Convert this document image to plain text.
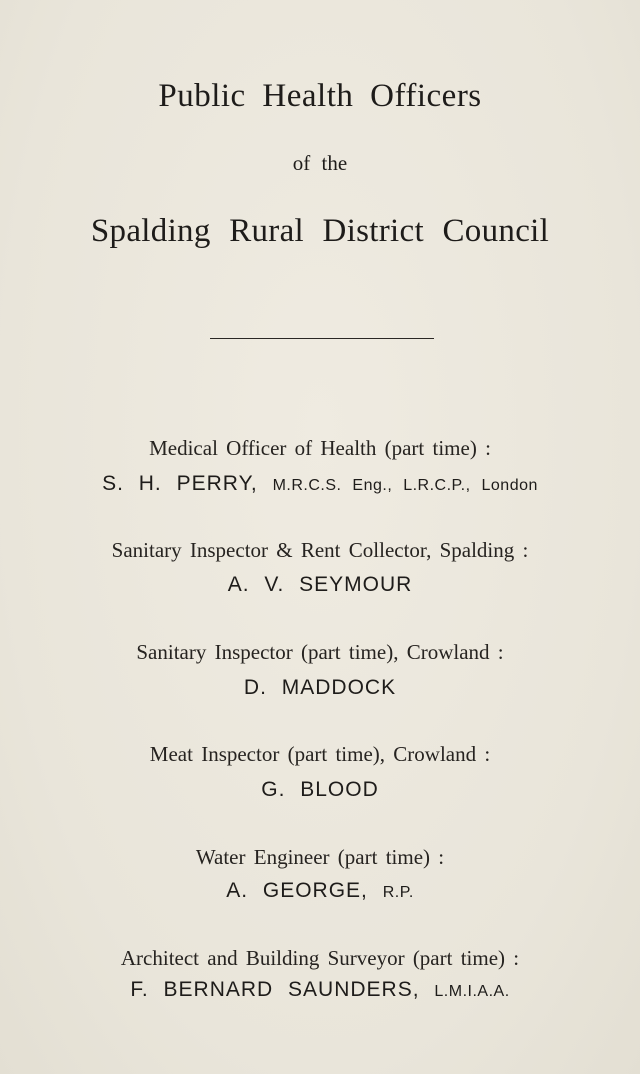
Public Health Officers
of the
Spalding Rural District Council
Medical Officer of Health (part time) :
S. H. PERRY, M.R.C.S. Eng., L.R.C.P., London
Sanitary Inspector & Rent Collector, Spalding :
A. V. SEYMOUR
Sanitary Inspector (part time), Crowland :
D. MADDOCK
Meat Inspector (part time), Crowland :
G. BLOOD
Water Engineer (part time) :
A. GEORGE, R.P.
Architect and Building Surveyor (part time) :
F. BERNARD SAUNDERS, L.M.I.A.A.
